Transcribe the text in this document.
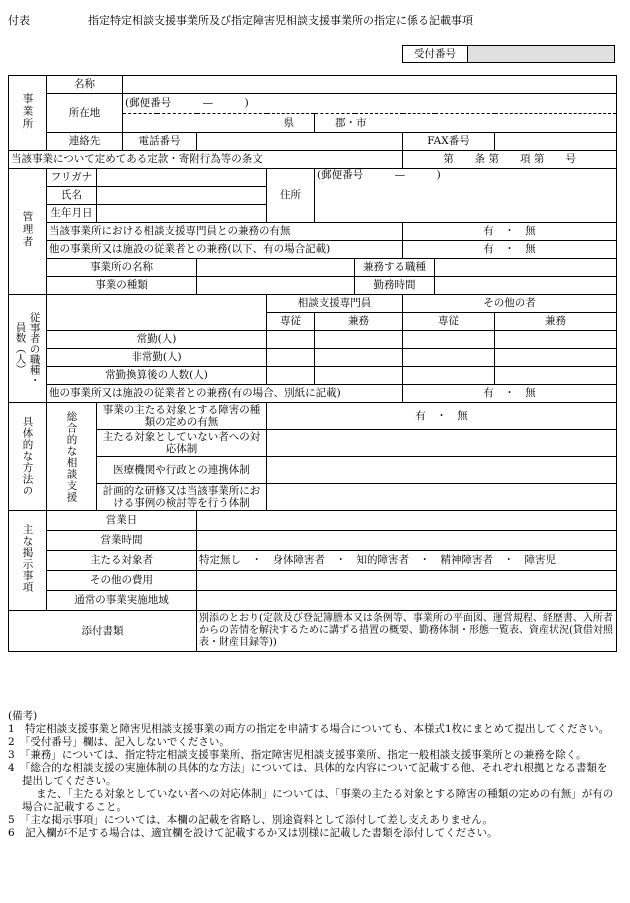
付表	指定特定相談支援事業所及び指定障害児相談支援事業所の指定に係る記載事項
受付番号	
事業所	名称									
	所在地		(郵便番号　　　—　　　)							
			県			郡・市				
	連絡先		電話番号					FAX番号		
当該事業について定めてある定款・寄附行為等の条文								第　　条 第　　項 第　　号		
管理者	フリガナ				住所	(郵便番号　　　—　　　)				
	氏名									
	生年月日									
	当該事業所における相談支援専門員との兼務の有無							有　・　無		
	他の事業所又は施設の従業者との兼務(以下、有の場合記載)							有　・　無		
	事業所の名称						兼務する職種			
	事業の種類						勤務時間			

員数（人） 従事者の職種・					相談支援専門員			その他の者		
					専従	兼務		専従		兼務
	常勤(人)									
	非常勤(人)									
	常勤換算後の人数(人)									
	他の事業所又は施設の従業者との兼務(有の場合、別紙に記載)							有　・　無		

具体的な方法の	総合的な相談支援	事業の主たる対象とする障害の種類の定めの有無			有　・　無					
		主たる対象としていない者への対応体制								
		医療機関や行政との連携体制								
		計画的な研修又は当該事業所における事例の検討等を行う体制								
主な掲示事項	営業日									
	営業時間									
	主たる対象者			特定無し　・　身体障害者　・　知的障害者　・　精神障害者　・　障害児						
	その他の費用									
	通常の事業実施地域									
添付書類				別添のとおり(定款及び登記簿謄本又は条例等、事業所の平面図、運営規程、経歴書、入所者からの苦情を解決するために講ずる措置の概要、勤務体制・形態一覧表、資産状況(貸借対照表・財産目録等))						

(備考)

1　特定相談支援事業と障害児相談支援事業の両方の指定を申請する場合についても、本様式1枚にまとめて提出してください。

2　「受付番号」欄は、記入しないでください。

3　「兼務」については、指定特定相談支援事業所、指定障害児相談支援事業所、指定一般相談支援事業所との兼務を除く。

4　「総合的な相談支援の実施体制の具体的な方法」については、具体的な内容について記載する他、それぞれ根拠となる書類を提出してください。

また、「主たる対象としていない者への対応体制」については、「事業の主たる対象とする障害の種類の定めの有無」が有の場合に記載すること。

5　「主な掲示事項」については、本欄の記載を省略し、別途資料として添付して差し支えありません。

6　記入欄が不足する場合は、適宜欄を設けて記載するか又は別様に記載した書類を添付してください。
